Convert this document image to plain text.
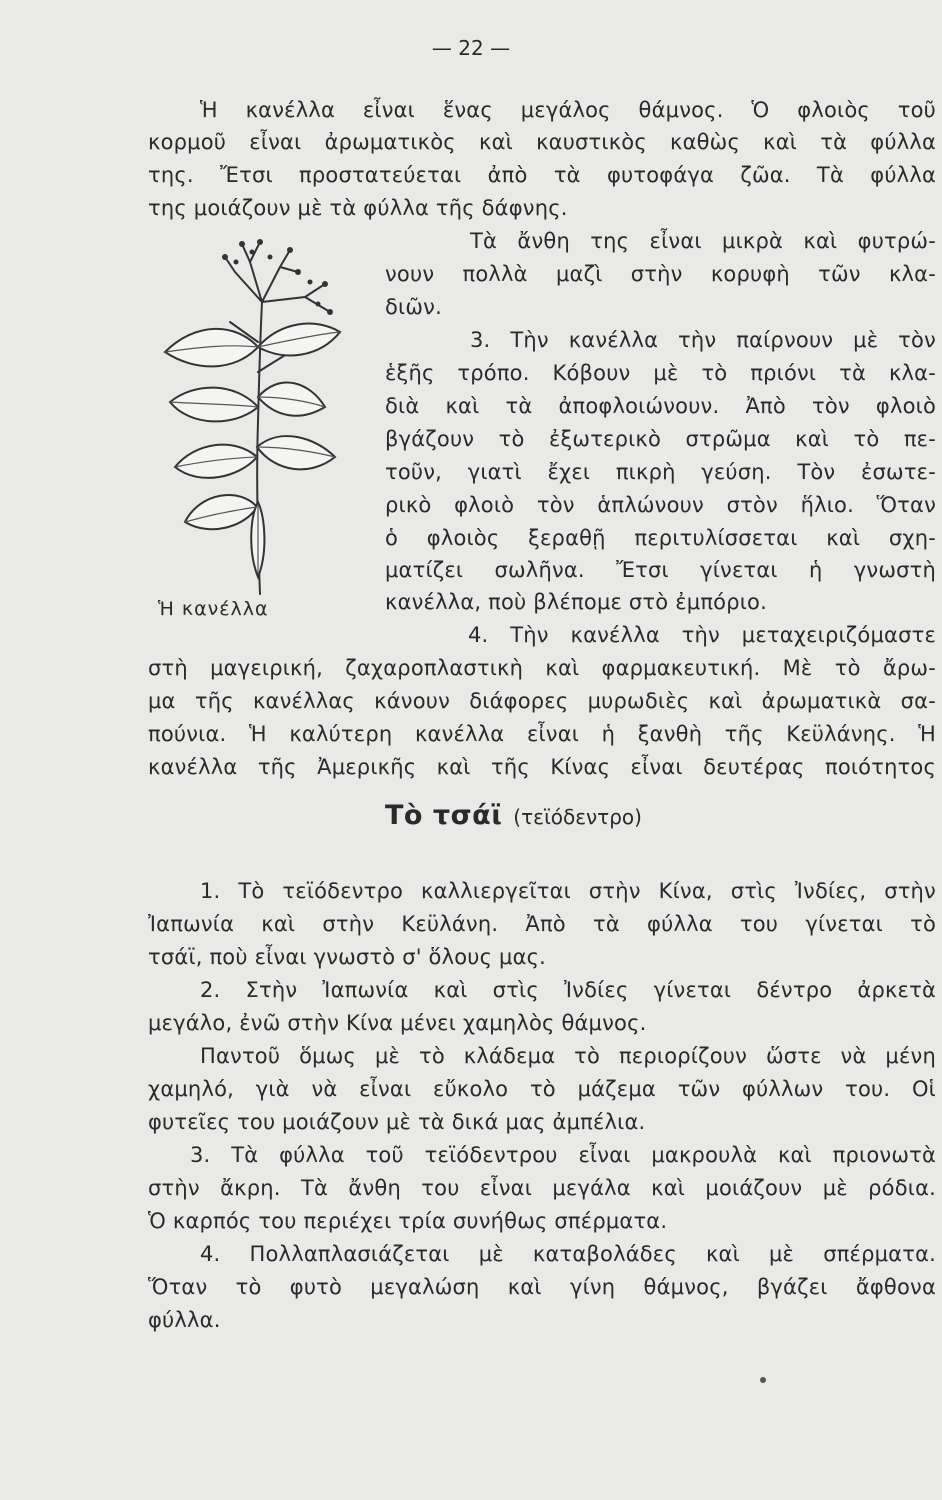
— 22 —
Ἡ κανέλλα
Ἡ κανέλλα εἶναι ἕνας μεγάλος θάμνος. Ὁ φλοιὸς τοῦ
κορμοῦ εἶναι ἀρωματικὸς καὶ καυστικὸς καθὼς καὶ τὰ φύλλα
της. Ἔτσι προστατεύεται ἀπὸ τὰ φυτοφάγα ζῶα. Τὰ φύλλα
της μοιάζουν μὲ τὰ φύλλα τῆς δάφνης.
Τὰ ἄνθη της εἶναι μικρὰ καὶ φυτρώ-
νουν πολλὰ μαζὶ στὴν κορυφὴ τῶν κλα-
διῶν.
3. Τὴν κανέλλα τὴν παίρνουν μὲ τὸν
ἑξῆς τρόπο. Κόβουν μὲ τὸ πριόνι τὰ κλα-
διὰ καὶ τὰ ἀποφλοιώνουν. Ἀπὸ τὸν φλοιὸ
βγάζουν τὸ ἐξωτερικὸ στρῶμα καὶ τὸ πε-
τοῦν, γιατὶ ἔχει πικρὴ γεύση. Τὸν ἐσωτε-
ρικὸ φλοιὸ τὸν ἁπλώνουν στὸν ἥλιο. Ὅταν
ὁ φλοιὸς ξεραθῇ περιτυλίσσεται καὶ σχη-
ματίζει σωλῆνα. Ἔτσι γίνεται ἡ γνωστὴ
κανέλλα, ποὺ βλέπομε στὸ ἐμπόριο.
4. Τὴν κανέλλα τὴν μεταχειριζόμαστε
στὴ μαγειρική, ζαχαροπλαστικὴ καὶ φαρμακευτική. Μὲ τὸ ἄρω-
μα τῆς κανέλλας κάνουν διάφορες μυρωδιὲς καὶ ἀρωματικὰ σα-
πούνια. Ἡ καλύτερη κανέλλα εἶναι ἡ ξανθὴ τῆς Κεϋλάνης. Ἡ
κανέλλα τῆς Ἀμερικῆς καὶ τῆς Κίνας εἶναι δευτέρας ποιότητος
Τὸ τσάϊ (τεϊόδεντρο)
1. Τὸ τεϊόδεντρο καλλιεργεῖται στὴν Κίνα, στὶς Ἰνδίες, στὴν
Ἰαπωνία καὶ στὴν Κεϋλάνη. Ἀπὸ τὰ φύλλα του γίνεται τὸ
τσάϊ, ποὺ εἶναι γνωστὸ σ' ὅλους μας.
2. Στὴν Ἰαπωνία καὶ στὶς Ἰνδίες γίνεται δέντρο ἀρκετὰ
μεγάλο, ἐνῶ στὴν Κίνα μένει χαμηλὸς θάμνος.
Παντοῦ ὅμως μὲ τὸ κλάδεμα τὸ περιορίζουν ὥστε νὰ μένη
χαμηλό, γιὰ νὰ εἶναι εὔκολο τὸ μάζεμα τῶν φύλλων του. Οἱ
φυτεῖες του μοιάζουν μὲ τὰ δικά μας ἀμπέλια.
3. Τὰ φύλλα τοῦ τεϊόδεντρου εἶναι μακρουλὰ καὶ πριονωτὰ
στὴν ἄκρη. Τὰ ἄνθη του εἶναι μεγάλα καὶ μοιάζουν μὲ ρόδια.
Ὁ καρπός του περιέχει τρία συνήθως σπέρματα.
4. Πολλαπλασιάζεται μὲ καταβολάδες καὶ μὲ σπέρματα.
Ὅταν τὸ φυτὸ μεγαλώση καὶ γίνη θάμνος, βγάζει ἄφθονα
φύλλα.
